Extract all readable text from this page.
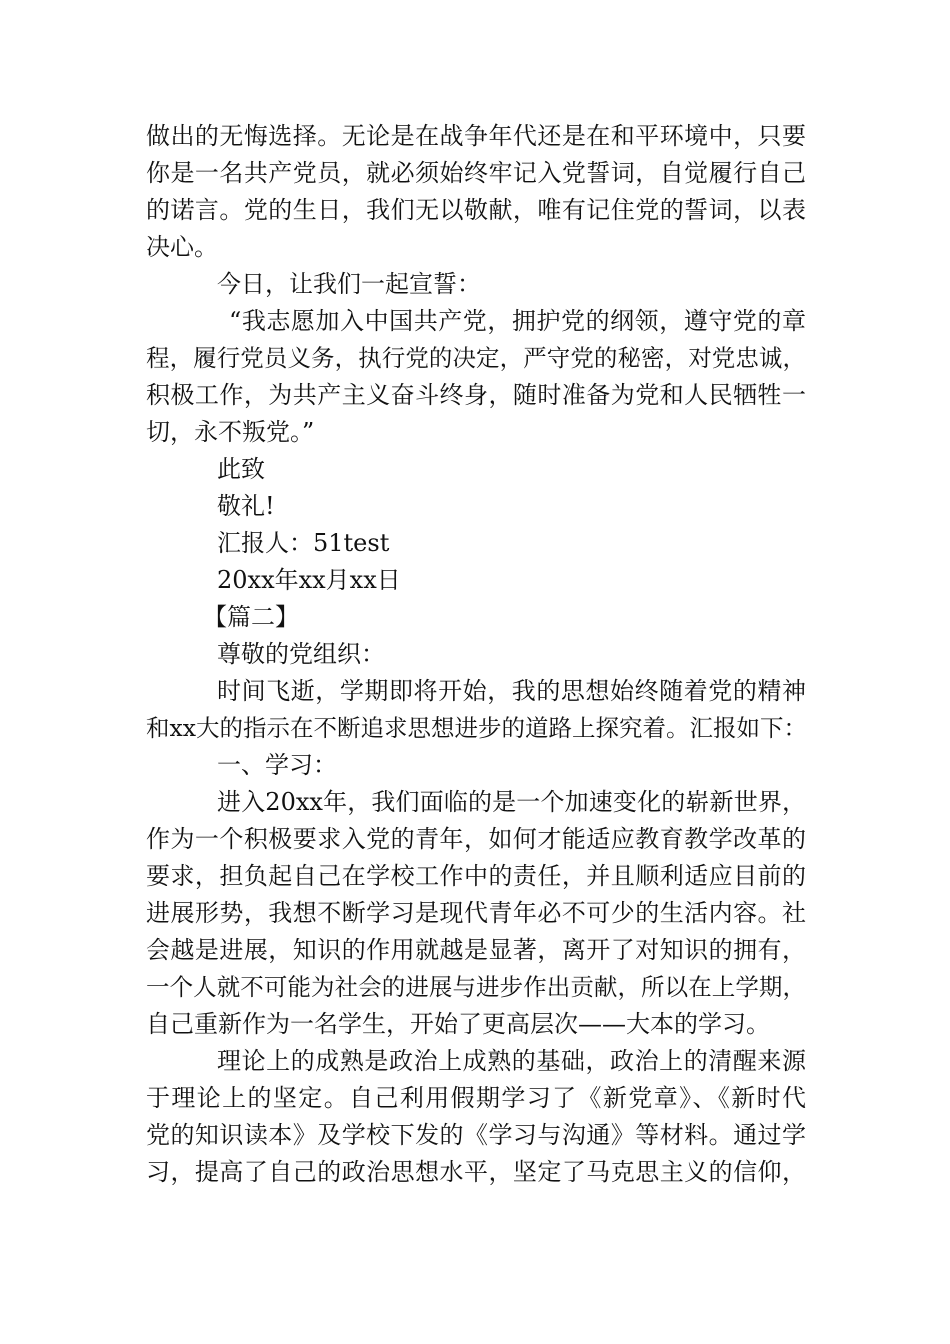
做出的无悔选择。无论是在战争年代还是在和平环境中，只要
你是一名共产党员，就必须始终牢记入党誓词，自觉履行自己
的诺言。党的生日，我们无以敬献，唯有记住党的誓词，以表
决心。
今日，让我们一起宣誓：
“我志愿加入中国共产党，拥护党的纲领，遵守党的章
程，履行党员义务，执行党的决定，严守党的秘密，对党忠诚，
积极工作，为共产主义奋斗终身，随时准备为党和人民牺牲一
切，永不叛党。”
此致
敬礼!
汇报人：51test
20xx年xx月xx日
【篇二】
尊敬的党组织：
时间飞逝，学期即将开始，我的思想始终随着党的精神
和xx大的指示在不断追求思想进步的道路上探究着。汇报如下：
一、学习：
进入20xx年，我们面临的是一个加速变化的崭新世界，
作为一个积极要求入党的青年，如何才能适应教育教学改革的
要求，担负起自己在学校工作中的责任，并且顺利适应目前的
进展形势，我想不断学习是现代青年必不可少的生活内容。社
会越是进展，知识的作用就越是显著，离开了对知识的拥有，
一个人就不可能为社会的进展与进步作出贡献，所以在上学期，
自己重新作为一名学生，开始了更高层次——大本的学习。
理论上的成熟是政治上成熟的基础，政治上的清醒来源
于理论上的坚定。自己利用假期学习了《新党章》、《新时代
党的知识读本》及学校下发的《学习与沟通》等材料。通过学
习，提高了自己的政治思想水平，坚定了马克思主义的信仰，
